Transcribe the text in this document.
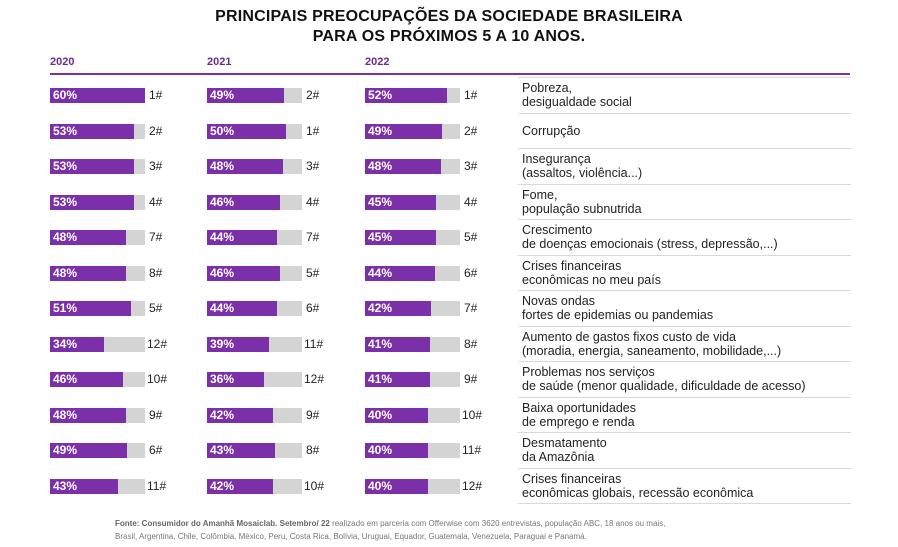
PRINCIPAIS PREOCUPAÇÕES DA SOCIEDADE BRASILEIRA
PARA OS PRÓXIMOS 5 A 10 ANOS.
2020	2021	2022
60%	1#	49%	2#	52%	1#	Pobreza,
desigualdade social
53%	2#	50%	1#	49%	2#	Corrupção
53%	3#	48%	3#	48%	3#	Insegurança
(assaltos, violência...)
53%	4#	46%	4#	45%	4#	Fome,
população subnutrida
48%	7#	44%	7#	45%	5#	Crescimento
de doenças emocionais (stress, depressão,...)
48%	8#	46%	5#	44%	6#	Crises financeiras
econômicas no meu país
51%	5#	44%	6#	42%	7#	Novas ondas
fortes de epidemias ou pandemias
34%	12#	39%	11#	41%	8#	Aumento de gastos fixos custo de vida
(moradia, energia, saneamento, mobilidade,...)
46%	10#	36%	12#	41%	9#	Problemas nos serviços
de saúde (menor qualidade, dificuldade de acesso)
48%	9#	42%	9#	40%	10#	Baixa oportunidades
de emprego e renda
49%	6#	43%	8#	40%	11#	Desmatamento
da Amazônia
43%	11#	42%	10#	40%	12#	Crises financeiras
econômicas globais, recessão econômica
Fonte: Consumidor do Amanhã Mosaiclab. Setembro/ 22 realizado em parceria com Offerwise com 3620 entrevistas, população ABC, 18 anos ou mais,
Brasil, Argentina, Chile, Colômbia, México, Peru, Costa Rica, Bolívia, Uruguai, Equador, Guatemala, Venezuela, Paraguai e Panamá.
